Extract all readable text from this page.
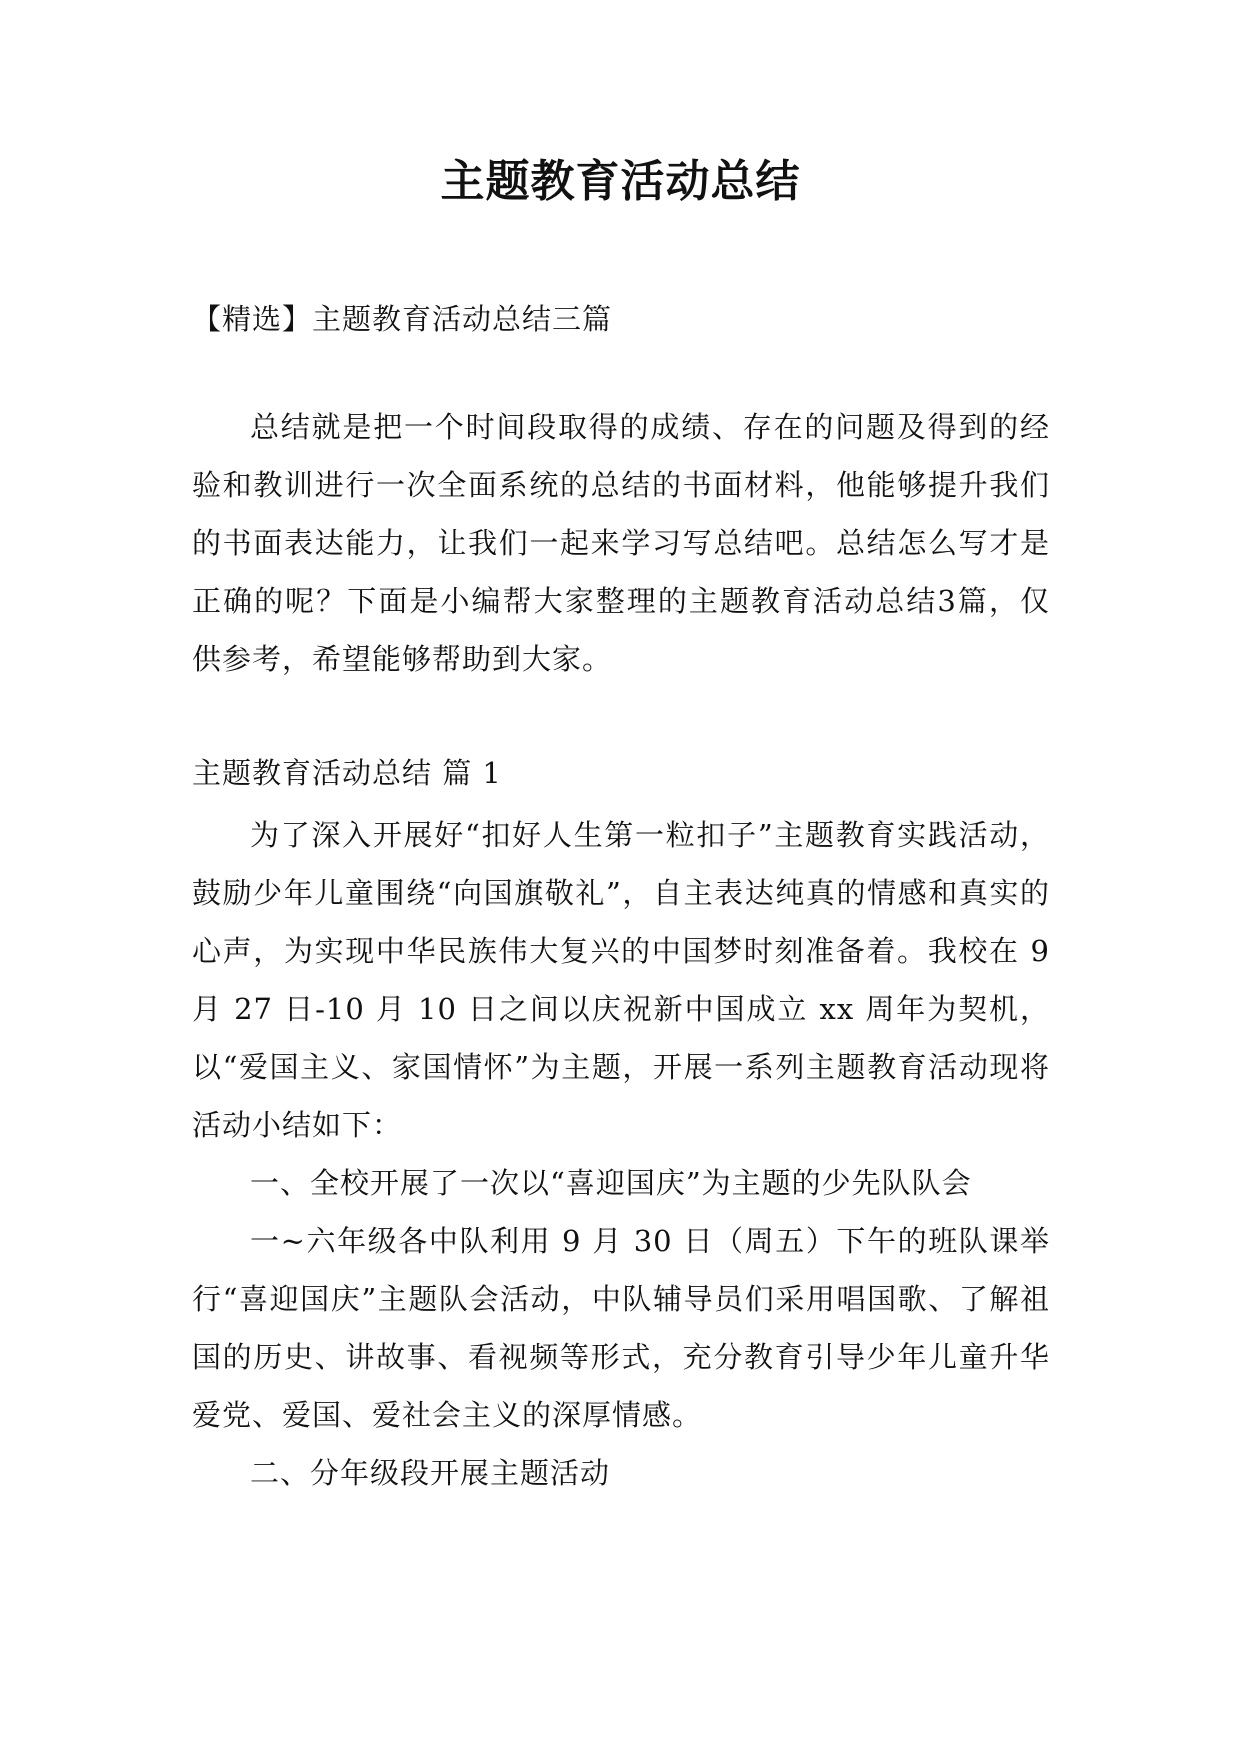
主题教育活动总结

【精选】主题教育活动总结三篇

总结就是把一个时间段取得的成绩、存在的问题及得到的经验和教训进行一次全面系统的总结的书面材料，他能够提升我们的书面表达能力，让我们一起来学习写总结吧。总结怎么写才是正确的呢？下面是小编帮大家整理的主题教育活动总结3篇，仅供参考，希望能够帮助到大家。

主题教育活动总结 篇 1

为了深入开展好“扣好人生第一粒扣子”主题教育实践活动，鼓励少年儿童围绕“向国旗敬礼”，自主表达纯真的情感和真实的心声，为实现中华民族伟大复兴的中国梦时刻准备着。我校在 9 月 27 日-10 月 10 日之间以庆祝新中国成立 xx 周年为契机，以“爱国主义、家国情怀”为主题，开展一系列主题教育活动现将活动小结如下：

一、全校开展了一次以“喜迎国庆”为主题的少先队队会

一~六年级各中队利用 9 月 30 日（周五）下午的班队课举行“喜迎国庆”主题队会活动，中队辅导员们采用唱国歌、了解祖国的历史、讲故事、看视频等形式，充分教育引导少年儿童升华爱党、爱国、爱社会主义的深厚情感。

二、分年级段开展主题活动
